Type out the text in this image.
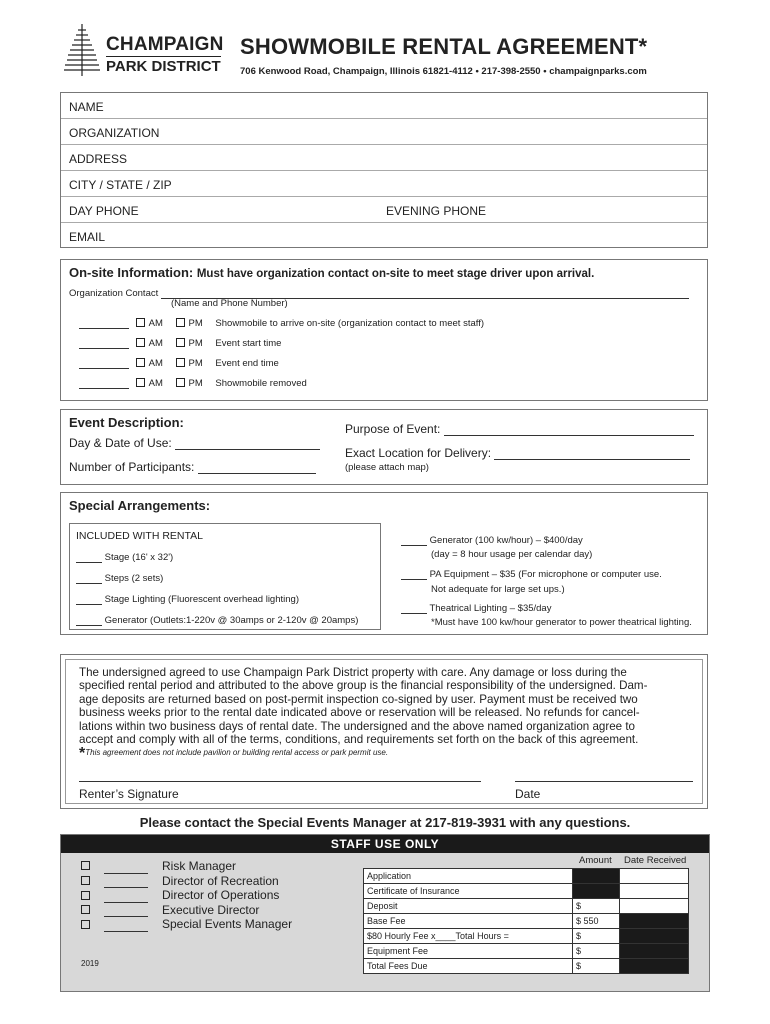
CHAMPAIGN
PARK DISTRICT
SHOWMOBILE RENTAL AGREEMENT*
706 Kenwood Road, Champaign, Illinois 61821-4112 • 217-398-2550 • champaignparks.com
NAME
ORGANIZATION
ADDRESS
CITY / STATE / ZIP
DAY PHONE	EVENING PHONE
EMAIL
On-site Information: Must have organization contact on-site to meet stage driver upon arrival.
Organization Contact
(Name and Phone Number)
AM	PM Showmobile to arrive on-site (organization contact to meet staff)
AM	PM Event start time
AM	PM Event end time
AM	PM Showmobile removed
Event Description:
Day & Date of Use:
Number of Participants:
Purpose of Event:
Exact Location for Delivery:
(please attach map)
Special Arrangements:
INCLUDED WITH RENTAL
Stage (16' x 32')
Steps (2 sets)
Stage Lighting (Fluorescent overhead lighting)
Generator (Outlets:1-220v @ 30amps or 2-120v @ 20amps)
Generator (100 kw/hour) – $400/day
(day = 8 hour usage per calendar day)
PA Equipment – $35 (For microphone or computer use.
Not adequate for large set ups.)
Theatrical Lighting – $35/day
*Must have 100 kw/hour generator to power theatrical lighting.
The undersigned agreed to use Champaign Park District property with care. Any damage or loss during the
specified rental period and attributed to the above group is the financial responsibility of the undersigned. Dam-
age deposits are returned based on post-permit inspection co-signed by user. Payment must be received two
business weeks prior to the rental date indicated above or reservation will be released. No refunds for cancel-
lations within two business days of rental date. The undersigned and the above named organization agree to
accept and comply with all of the terms, conditions, and requirements set forth on the back of this agreement.
*This agreement does not include pavilion or building rental access or park permit use.
Renter’s Signature	Date
Please contact the Special Events Manager at 217-819-3931 with any questions.
STAFF USE ONLY
Risk Manager
Director of Recreation
Director of Operations
Executive Director
Special Events Manager
2019
Amount Date Received
Application		
Certificate of Insurance		
Deposit	$	
Base Fee	$ 550	
$80 Hourly Fee x____Total Hours =	$	
Equipment Fee	$	
Total Fees Due	$	
